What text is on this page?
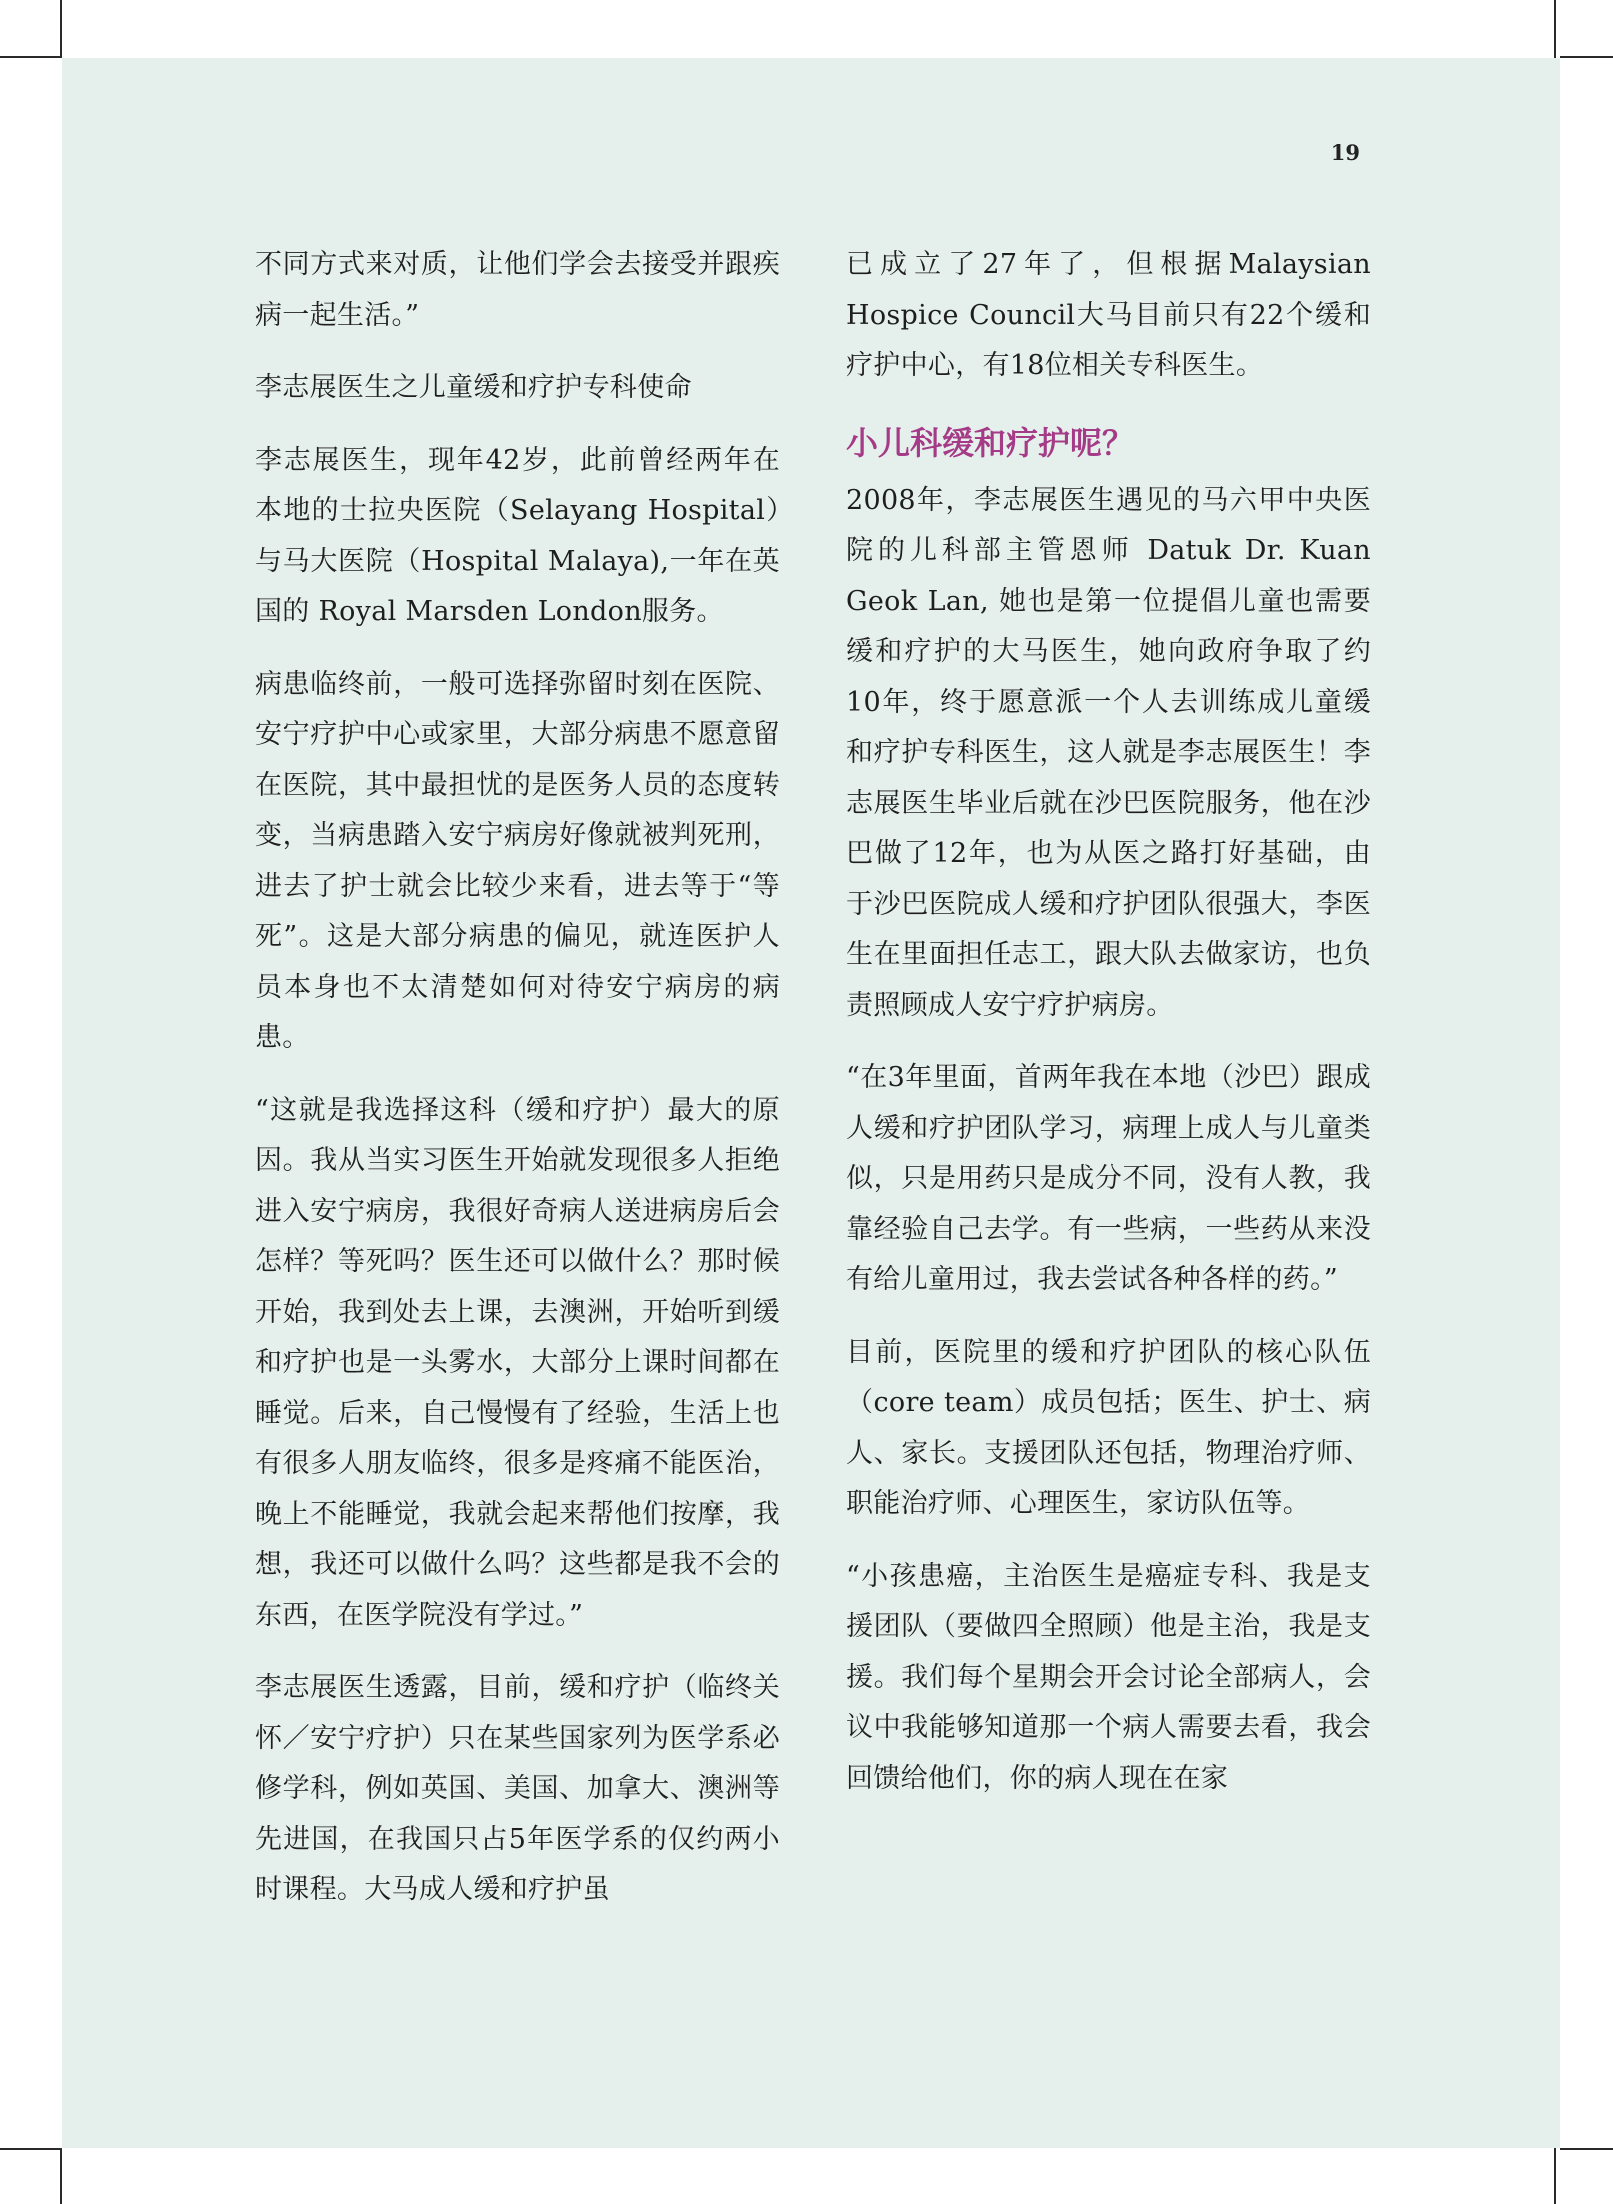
19

不同方式来对质，让他们学会去接受并跟疾病一起生活。”

李志展医生之儿童缓和疗护专科使命

李志展医生，现年42岁，此前曾经两年在本地的士拉央医院（Selayang Hospital）与马大医院（Hospital Malaya),一年在英国的 Royal Marsden London服务。

病患临终前，一般可选择弥留时刻在医院、安宁疗护中心或家里，大部分病患不愿意留在医院，其中最担忧的是医务人员的态度转变，当病患踏入安宁病房好像就被判死刑，进去了护士就会比较少来看，进去等于“等死”。这是大部分病患的偏见，就连医护人员本身也不太清楚如何对待安宁病房的病患。

“这就是我选择这科（缓和疗护）最大的原因。我从当实习医生开始就发现很多人拒绝进入安宁病房，我很好奇病人送进病房后会怎样？等死吗？医生还可以做什么？那时候开始，我到处去上课，去澳洲，开始听到缓和疗护也是一头雾水，大部分上课时间都在睡觉。后来，自己慢慢有了经验，生活上也有很多人朋友临终，很多是疼痛不能医治，晚上不能睡觉，我就会起来帮他们按摩，我想，我还可以做什么吗？这些都是我不会的东西，在医学院没有学过。”

李志展医生透露，目前，缓和疗护（临终关怀／安宁疗护）只在某些国家列为医学系必修学科，例如英国、美国、加拿大、澳洲等先进国，在我国只占5年医学系的仅约两小时课程。大马成人缓和疗护虽

已成立了27年了，但根据Malaysian Hospice Council大马目前只有22个缓和疗护中心，有18位相关专科医生。

小儿科缓和疗护呢？

2008年，李志展医生遇见的马六甲中央医院的儿科部主管恩师 Datuk Dr. Kuan Geok Lan, 她也是第一位提倡儿童也需要缓和疗护的大马医生，她向政府争取了约10年，终于愿意派一个人去训练成儿童缓和疗护专科医生，这人就是李志展医生！李志展医生毕业后就在沙巴医院服务，他在沙巴做了12年，也为从医之路打好基础，由于沙巴医院成人缓和疗护团队很强大，李医生在里面担任志工，跟大队去做家访，也负责照顾成人安宁疗护病房。

“在3年里面，首两年我在本地（沙巴）跟成人缓和疗护团队学习，病理上成人与儿童类似，只是用药只是成分不同，没有人教，我靠经验自己去学。有一些病，一些药从来没有给儿童用过，我去尝试各种各样的药。”

目前，医院里的缓和疗护团队的核心队伍（core team）成员包括；医生、护士、病人、家长。支援团队还包括，物理治疗师、职能治疗师、心理医生，家访队伍等。

“小孩患癌，主治医生是癌症专科、我是支援团队（要做四全照顾）他是主治，我是支援。我们每个星期会开会讨论全部病人，会议中我能够知道那一个病人需要去看，我会回馈给他们，你的病人现在在家
